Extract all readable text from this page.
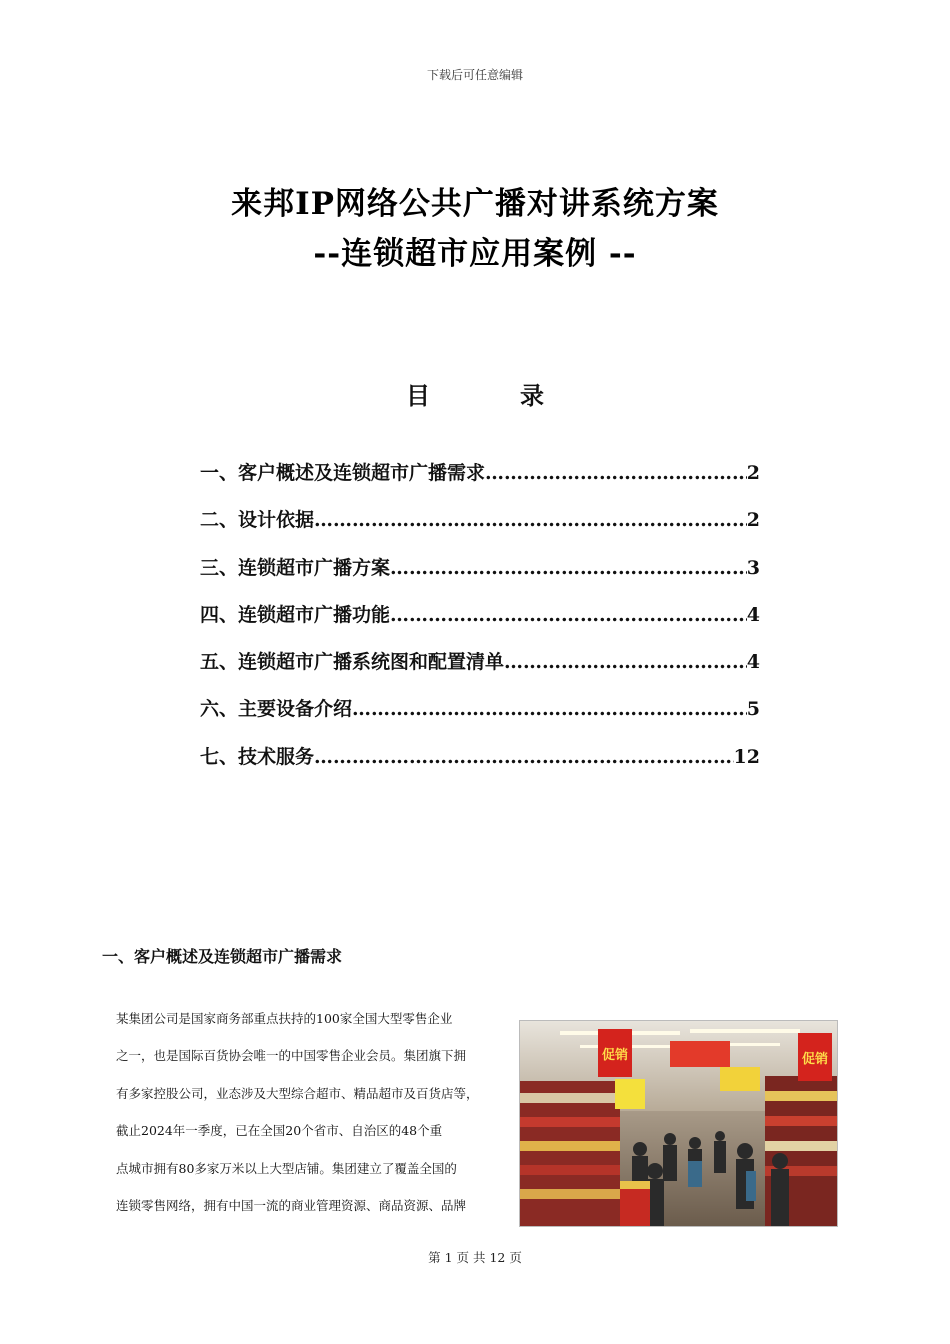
下载后可任意编辑
来邦IP网络公共广播对讲系统方案
--连锁超市应用案例 --
目	录
一、客户概述及连锁超市广播需求 ………………………………………………………………………………………………………………………………………………………………	2
二、设计依据 ………………………………………………………………………………………………………………………………………………………………	2
三、连锁超市广播方案 ………………………………………………………………………………………………………………………………………………………………	3
四、连锁超市广播功能 ………………………………………………………………………………………………………………………………………………………………	4
五、连锁超市广播系统图和配置清单 ………………………………………………………………………………………………………………………………………………………………	4
六、主要设备介绍 ………………………………………………………………………………………………………………………………………………………………	5
七、技术服务 ………………………………………………………………………………………………………………………………………………………………	12
一、客户概述及连锁超市广播需求
某集团公司是国家商务部重点扶持的100家全国大型零售企业
之一，也是国际百货协会唯一的中国零售企业会员。集团旗下拥
有多家控股公司，业态涉及大型综合超市、精品超市及百货店等，
截止2024年一季度，已在全国20个省市、自治区的48个重
点城市拥有80多家万米以上大型店铺。集团建立了覆盖全国的
连锁零售网络，拥有中国一流的商业管理资源、商品资源、品牌
促销	促销
第 1 页 共 12 页
